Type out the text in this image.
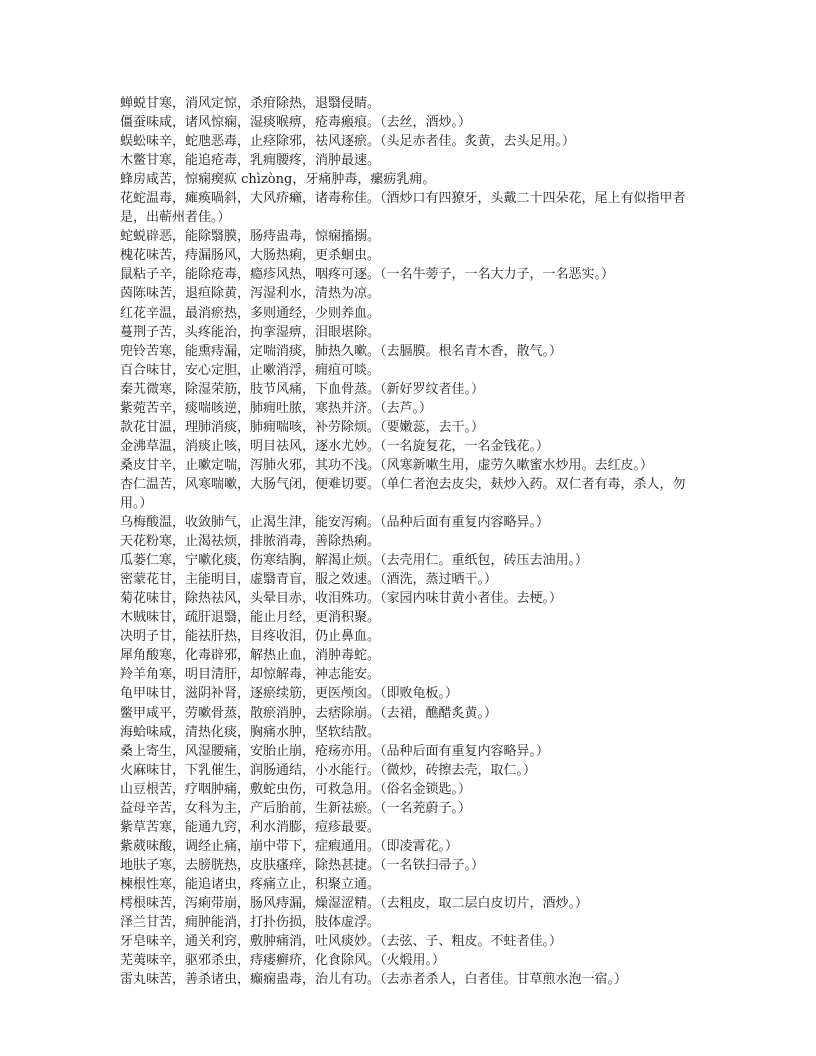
蝉蜕甘寒，消风定惊，杀疳除热，退翳侵睛。

僵蚕味咸，诸风惊痫，湿痰喉痹，疮毒瘢痕。（去丝，酒炒。）

蜈蚣味辛，蛇虺恶毒，止痉除邪，祛风逐瘀。（头足赤者佳。炙黄，去头足用。）

木鳖甘寒，能追疮毒，乳痈腰疼，消肿最速。

蜂房咸苦，惊痫瘈疭 chìzòng，牙痛肿毒，瘰疬乳痈。

花蛇温毒，瘫痪喎斜，大风疥癞，诸毒称佳。（酒炒口有四獠牙，头戴二十四朵花，尾上有似指甲者是，出蕲州者佳。）

蛇蜕辟恶，能除翳膜，肠痔蛊毒，惊痫搐搦。

槐花味苦，痔漏肠风，大肠热痢，更杀蛔虫。

鼠粘子辛，能除疮毒，瘾疹风热，咽疼可逐。（一名牛蒡子，一名大力子，一名恶实。）

茵陈味苦，退疸除黄，泻湿利水，清热为凉。

红花辛温，最消瘀热，多则通经，少则养血。

蔓荆子苦，头疼能治，拘挛湿痹，泪眼堪除。

兜铃苦寒，能熏痔漏，定喘消痰，肺热久嗽。（去膈膜。根名青木香，散气。）

百合味甘，安心定胆，止嗽消浮，痈疽可啖。

秦艽微寒，除湿荣筋，肢节风痛，下血骨蒸。（新好罗纹者佳。）

紫菀苦辛，痰喘咳逆，肺痈吐脓，寒热并济。（去芦。）

款花甘温，理肺消痰，肺痈喘咳，补劳除烦。（要嫩蕊，去干。）

金沸草温，消痰止咳，明目祛风，逐水尤妙。（一名旋复花，一名金钱花。）

桑皮甘辛，止嗽定喘，泻肺火邪，其功不浅。（风寒新嗽生用，虚劳久嗽蜜水炒用。去红皮。）

杏仁温苦，风寒喘嗽，大肠气闭，便难切要。（单仁者泡去皮尖，麸炒入药。双仁者有毒，杀人，勿用。）

乌梅酸温，收敛肺气，止渴生津，能安泻痢。（品种后面有重复内容略异。）

天花粉寒，止渴祛烦，排脓消毒，善除热痢。

瓜蒌仁寒，宁嗽化痰，伤寒结胸，解渴止烦。（去壳用仁。重纸包，砖压去油用。）

密蒙花甘，主能明目，虚翳青盲，服之效速。（酒洗，蒸过晒干。）

菊花味甘，除热祛风，头晕目赤，收泪殊功。（家园内味甘黄小者佳。去梗。）

木贼味甘，疏肝退翳，能止月经，更消积聚。

决明子甘，能祛肝热，目疼收泪，仍止鼻血。

犀角酸寒，化毒辟邪，解热止血，消肿毒蛇。

羚羊角寒，明目清肝，却惊解毒，神志能安。

龟甲味甘，滋阴补肾，逐瘀续筋，更医颅囟。（即败龟板。）

鳖甲咸平，劳嗽骨蒸，散瘀消肿，去痞除崩。（去裙，醮醋炙黄。）

海蛤味咸，清热化痰，胸痛水肿，坚软结散。

桑上寄生，风湿腰痛，安胎止崩，疮疡亦用。（品种后面有重复内容略异。）

火麻味甘，下乳催生，润肠通结，小水能行。（微炒，砖擦去壳，取仁。）

山豆根苦，疗咽肿痛，敷蛇虫伤，可救急用。（俗名金锁匙。）

益母辛苦，女科为主，产后胎前，生新祛瘀。（一名茺蔚子。）

紫草苦寒，能通九窍，利水消膨，痘疹最要。

紫葳味酸，调经止痛，崩中带下，症瘕通用。（即凌霄花。）

地肤子寒，去膀胱热，皮肤瘙痒，除热甚捷。（一名铁扫帚子。）

楝根性寒，能追诸虫，疼痛立止，积聚立通。

樗根味苦，泻痢带崩，肠风痔漏，燥湿涩精。（去粗皮，取二层白皮切片，酒炒。）

泽兰甘苦，痈肿能消，打扑伤损，肢体虚浮。

牙皂味辛，通关利窍，敷肿痛消，吐风痰妙。（去弦、子、粗皮。不蛀者佳。）

芜荑味辛，驱邪杀虫，痔瘘癣疥，化食除风。（火煅用。）

雷丸味苦，善杀诸虫，癫痫蛊毒，治儿有功。（去赤者杀人，白者佳。甘草煎水泡一宿。）
